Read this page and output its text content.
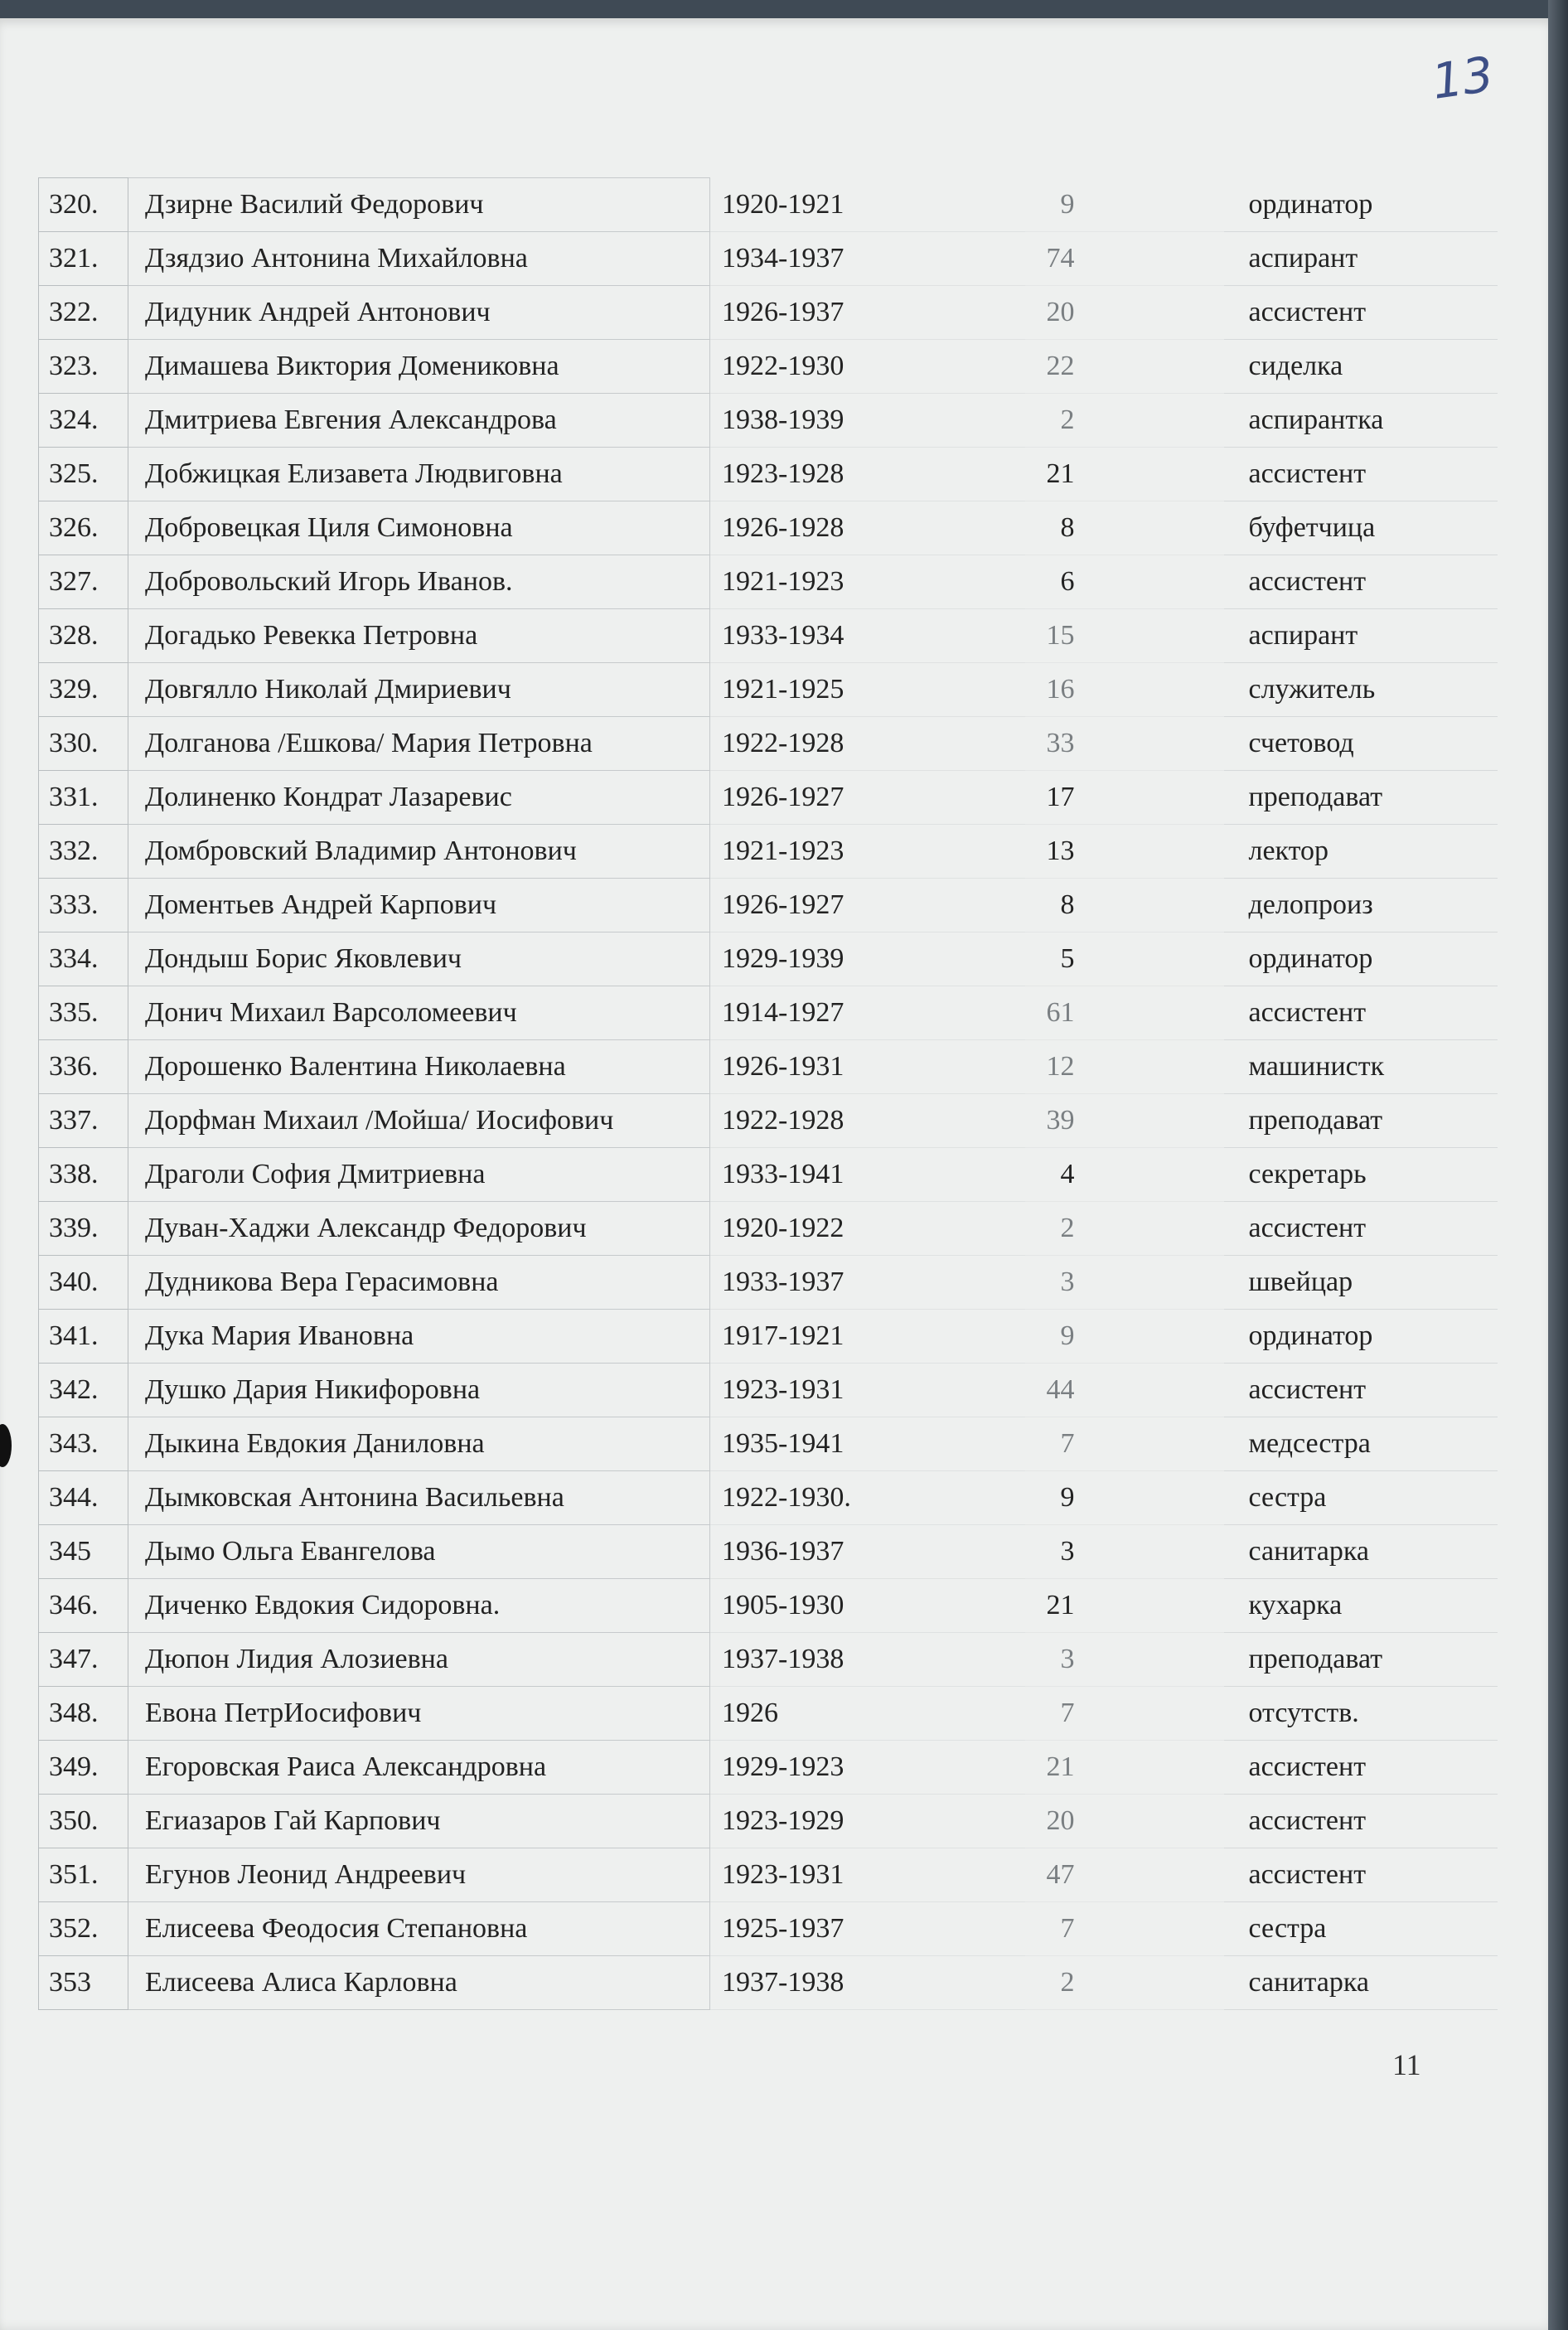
13
320.	Дзирне Василий Федорович	1920-1921	9	ординатор
321.	Дзядзио Антонина Михайловна	1934-1937	74	аспирант
322.	Дидуник Андрей Антонович	1926-1937	20	ассистент
323.	Димашева Виктория Домениковна	1922-1930	22	сиделка
324.	Дмитриева Евгения Александрова	1938-1939	2	аспирантка
325.	Добжицкая Елизавета Людвиговна	1923-1928	21	ассистент
326.	Добровецкая Циля Симоновна	1926-1928	8	буфетчица
327.	Добровольский Игорь Иванов.	1921-1923	6	ассистент
328.	Догадько Ревекка Петровна	1933-1934	15	аспирант
329.	Довгялло Николай Дмириевич	1921-1925	16	служитель
330.	Долганова /Ешкова/ Мария Петровна	1922-1928	33	счетовод
331.	Долиненко Кондрат Лазаревис	1926-1927	17	преподават
332.	Домбровский Владимир Антонович	1921-1923	13	лектор
333.	Доментьев Андрей Карпович	1926-1927	8	делопроиз
334.	Дондыш Борис Яковлевич	1929-1939	5	ординатор
335.	Донич Михаил Варсоломеевич	1914-1927	61	ассистент
336.	Дорошенко Валентина Николаевна	1926-1931	12	машинистк
337.	Дорфман Михаил /Мойша/ Иосифович	1922-1928	39	преподават
338.	Драголи София Дмитриевна	1933-1941	4	секретарь
339.	Дуван-Хаджи Александр Федорович	1920-1922	2	ассистент
340.	Дудникова Вера Герасимовна	1933-1937	3	швейцар
341.	Дука Мария Ивановна	1917-1921	9	ординатор
342.	Душко Дария Никифоровна	1923-1931	44	ассистент
343.	Дыкина Евдокия Даниловна	1935-1941	7	медсестра
344.	Дымковская Антонина Васильевна	1922-1930.	9	сестра
345	Дымо Ольга Евангелова	1936-1937	3	санитарка
346.	Диченко Евдокия Сидоровна.	1905-1930	21	кухарка
347.	Дюпон Лидия Алозиевна	1937-1938	3	преподават
348.	Евона ПетрИосифович	1926	7	отсутств.
349.	Егоровская Раиса Александровна	1929-1923	21	ассистент
350.	Егиазаров Гай Карпович	1923-1929	20	ассистент
351.	Егунов Леонид Андреевич	1923-1931	47	ассистент
352.	Елисеева Феодосия Степановна	1925-1937	7	сестра
353	Елисеева Алиса Карловна	1937-1938	2	санитарка
11
